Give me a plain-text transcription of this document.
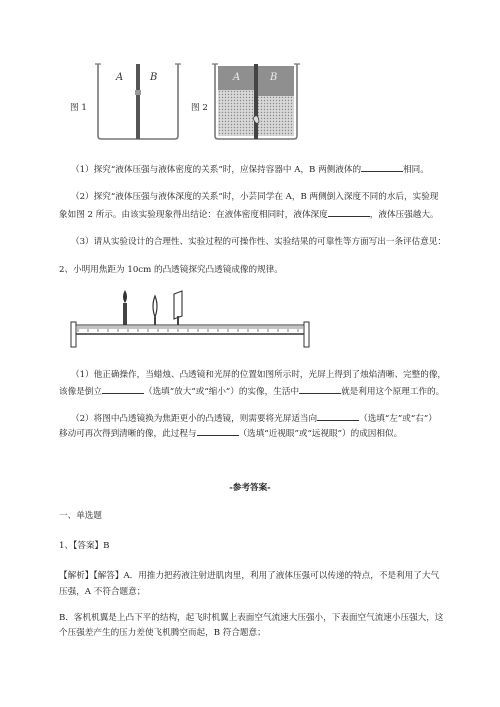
A	B
图 1
A	B
图 2
（1）探究“液体压强与液体密度的关系”时，应保持容器中 A，B 两侧液体的	相同。
（2）探究“液体压强与液体深度的关系”时，小芸同学在 A，B 两侧倒入深度不同的水后，实验现
象如图 2 所示。由该实验现象得出结论：在液体密度相同时，液体深度	，液体压强越大。
（3）请从实验设计的合理性、实验过程的可操作性、实验结果的可靠性等方面写出一条评估意见：
2、小明用焦距为 10cm 的凸透镜探究凸透镜成像的规律。
（1）他正确操作，当蜡烛、凸透镜和光屏的位置如图所示时，光屏上得到了烛焰清晰、完整的像，
该像是倒立	（选填“放大”或“缩小”）的实像，生活中	就是利用这个原理工作的。
（2）将图中凸透镜换为焦距更小的凸透镜，则需要将光屏适当向	（选填“左”或“右”）
移动可再次得到清晰的像，此过程与	（选填“近视眼”或“远视眼”）的成因相似。
-参考答案-
一、单选题
1、【答案】B
【解析】【解答】A．用推力把药液注射进肌肉里，利用了液体压强可以传递的特点，不是利用了大气
压强，A 不符合题意；
B．客机机翼是上凸下平的结构，起飞时机翼上表面空气流速大压强小，下表面空气流速小压强大，这
个压强差产生的压力差使飞机腾空而起，B 符合题意；
